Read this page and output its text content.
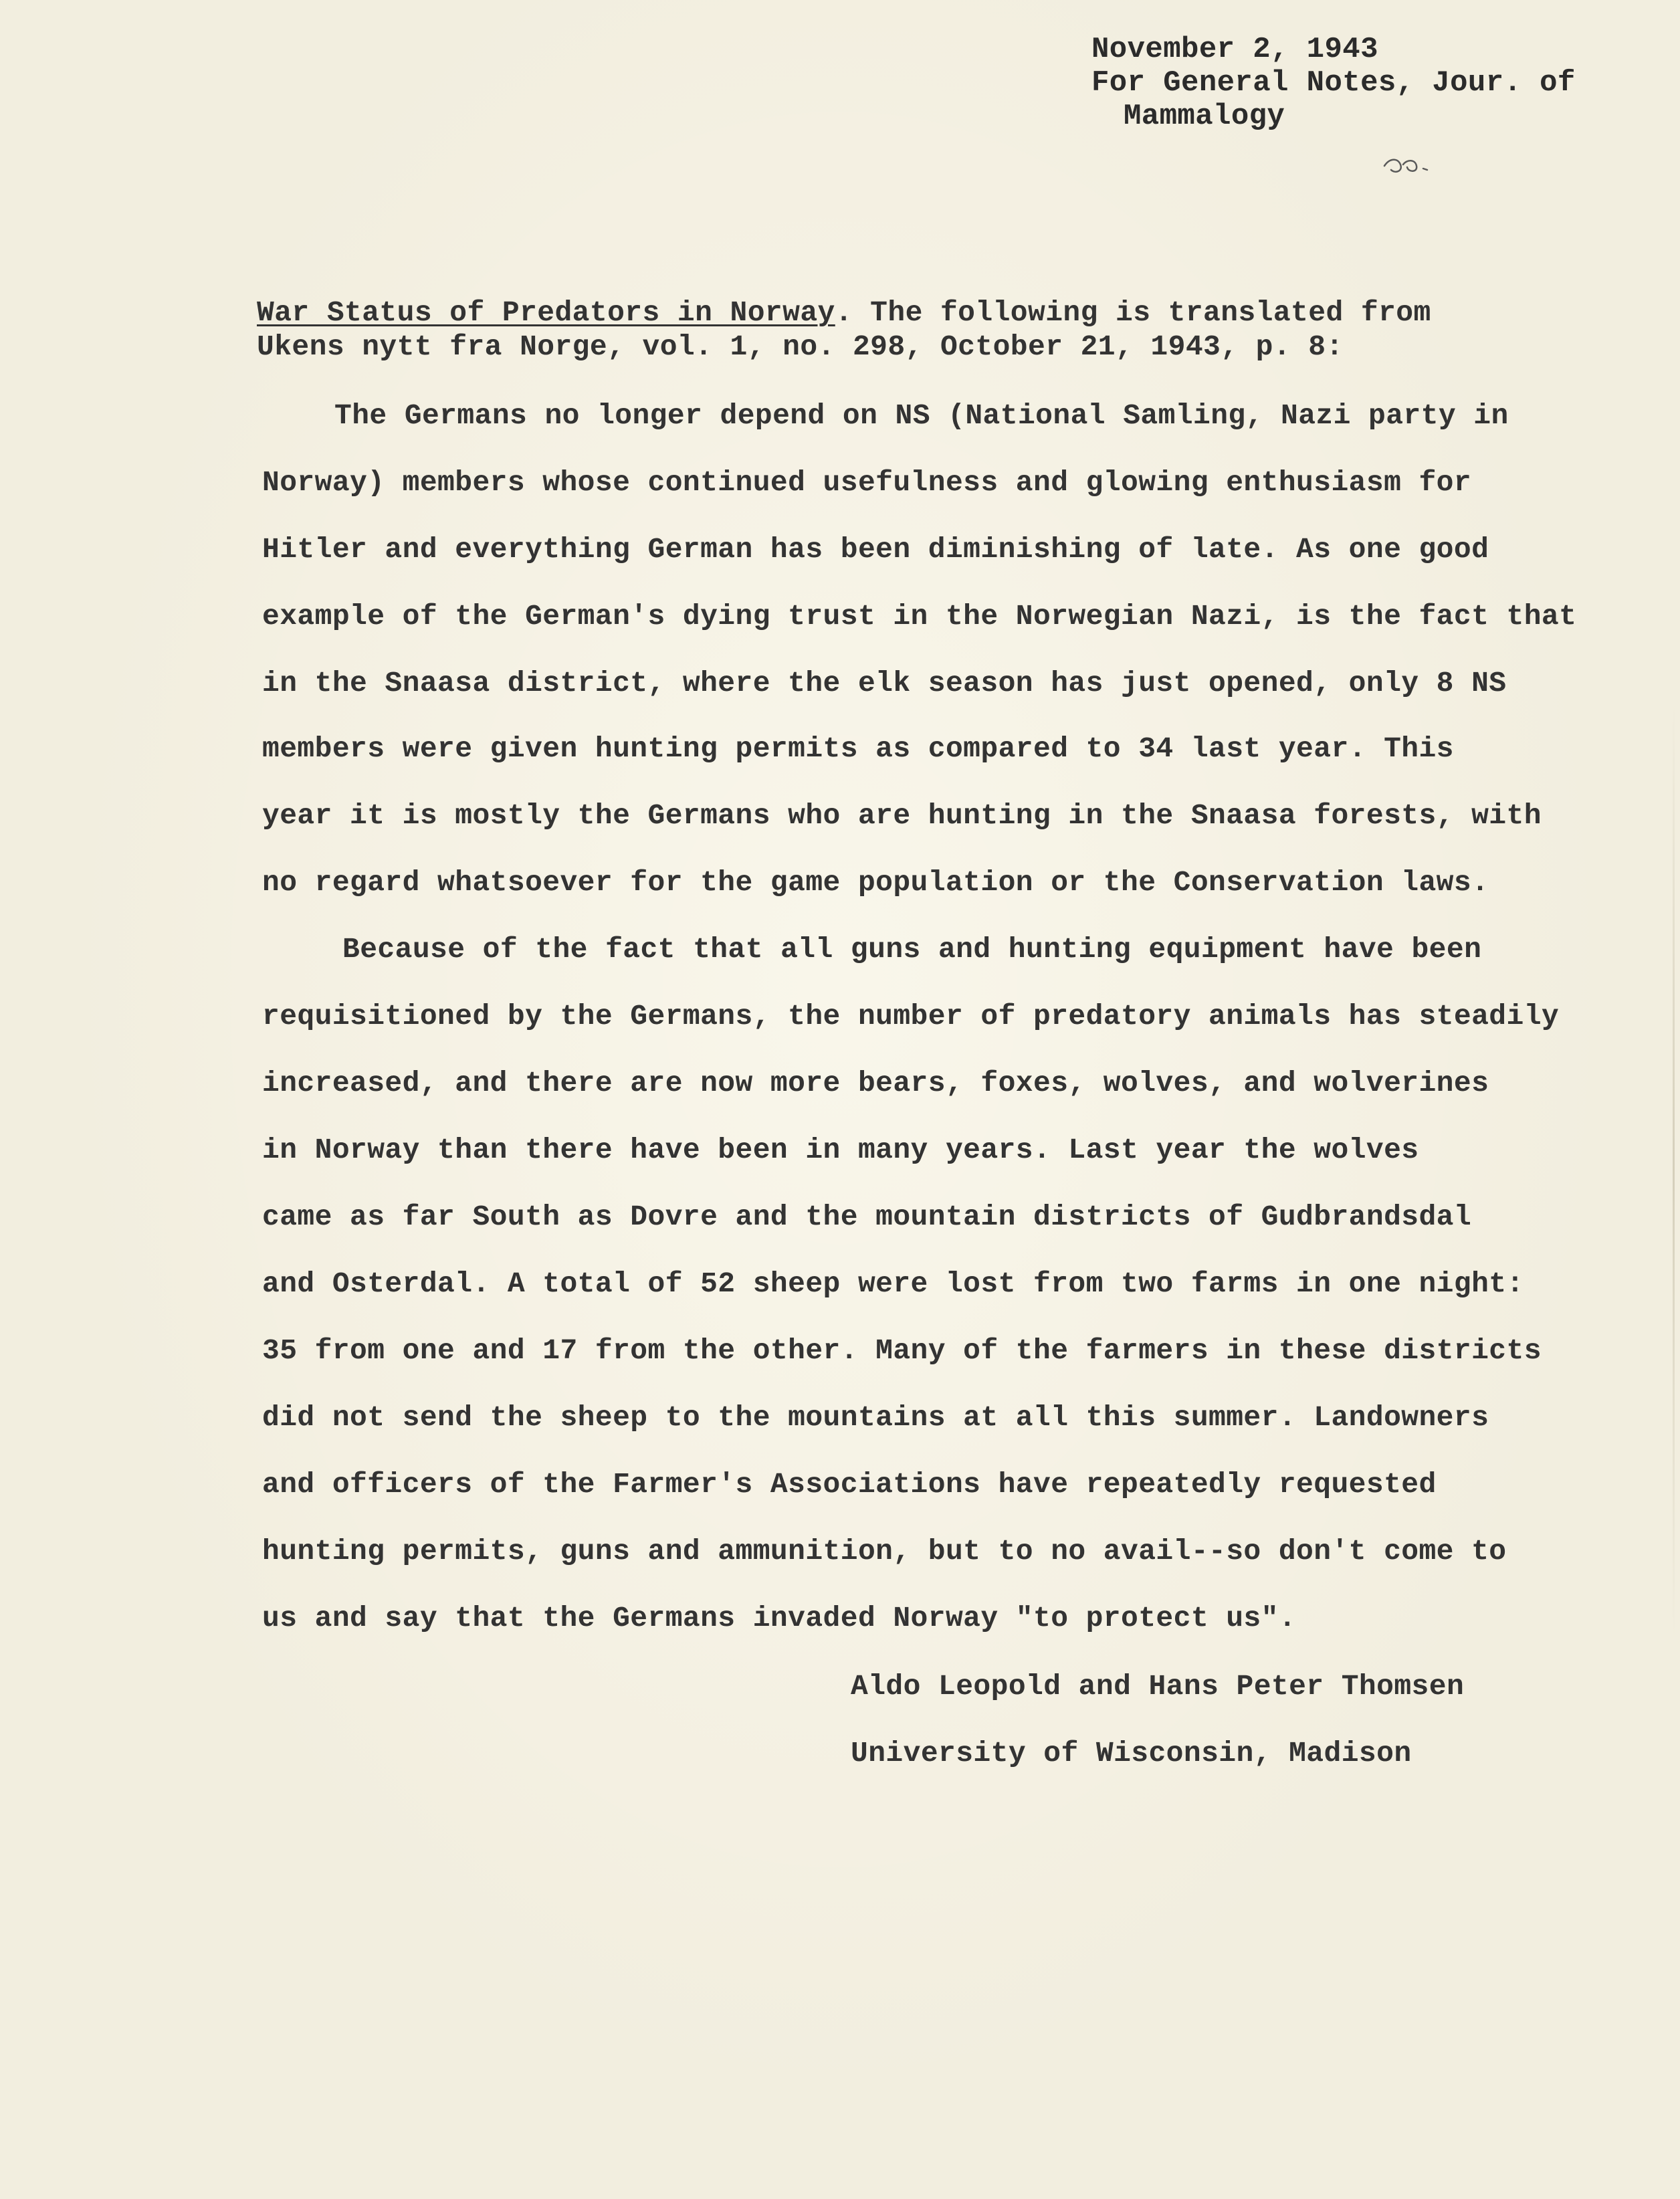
November 2, 1943
For General Notes, Jour. of
Mammalogy
War Status of Predators in Norway. The following is translated from
Ukens nytt fra Norge, vol. 1, no. 298, October 21, 1943, p. 8:
The Germans no longer depend on NS (National Samling, Nazi party in
Norway) members whose continued usefulness and glowing enthusiasm for
Hitler and everything German has been diminishing of late. As one good
example of the German's dying trust in the Norwegian Nazi, is the fact that
in the Snaasa district, where the elk season has just opened, only 8 NS
members were given hunting permits as compared to 34 last year. This
year it is mostly the Germans who are hunting in the Snaasa forests, with
no regard whatsoever for the game population or the Conservation laws.
Because of the fact that all guns and hunting equipment have been
requisitioned by the Germans, the number of predatory animals has steadily
increased, and there are now more bears, foxes, wolves, and wolverines
in Norway than there have been in many years. Last year the wolves
came as far South as Dovre and the mountain districts of Gudbrandsdal
and Osterdal. A total of 52 sheep were lost from two farms in one night:
35 from one and 17 from the other. Many of the farmers in these districts
did not send the sheep to the mountains at all this summer. Landowners
and officers of the Farmer's Associations have repeatedly requested
hunting permits, guns and ammunition, but to no avail--so don't come to
us and say that the Germans invaded Norway "to protect us".
Aldo Leopold and Hans Peter Thomsen
University of Wisconsin, Madison
